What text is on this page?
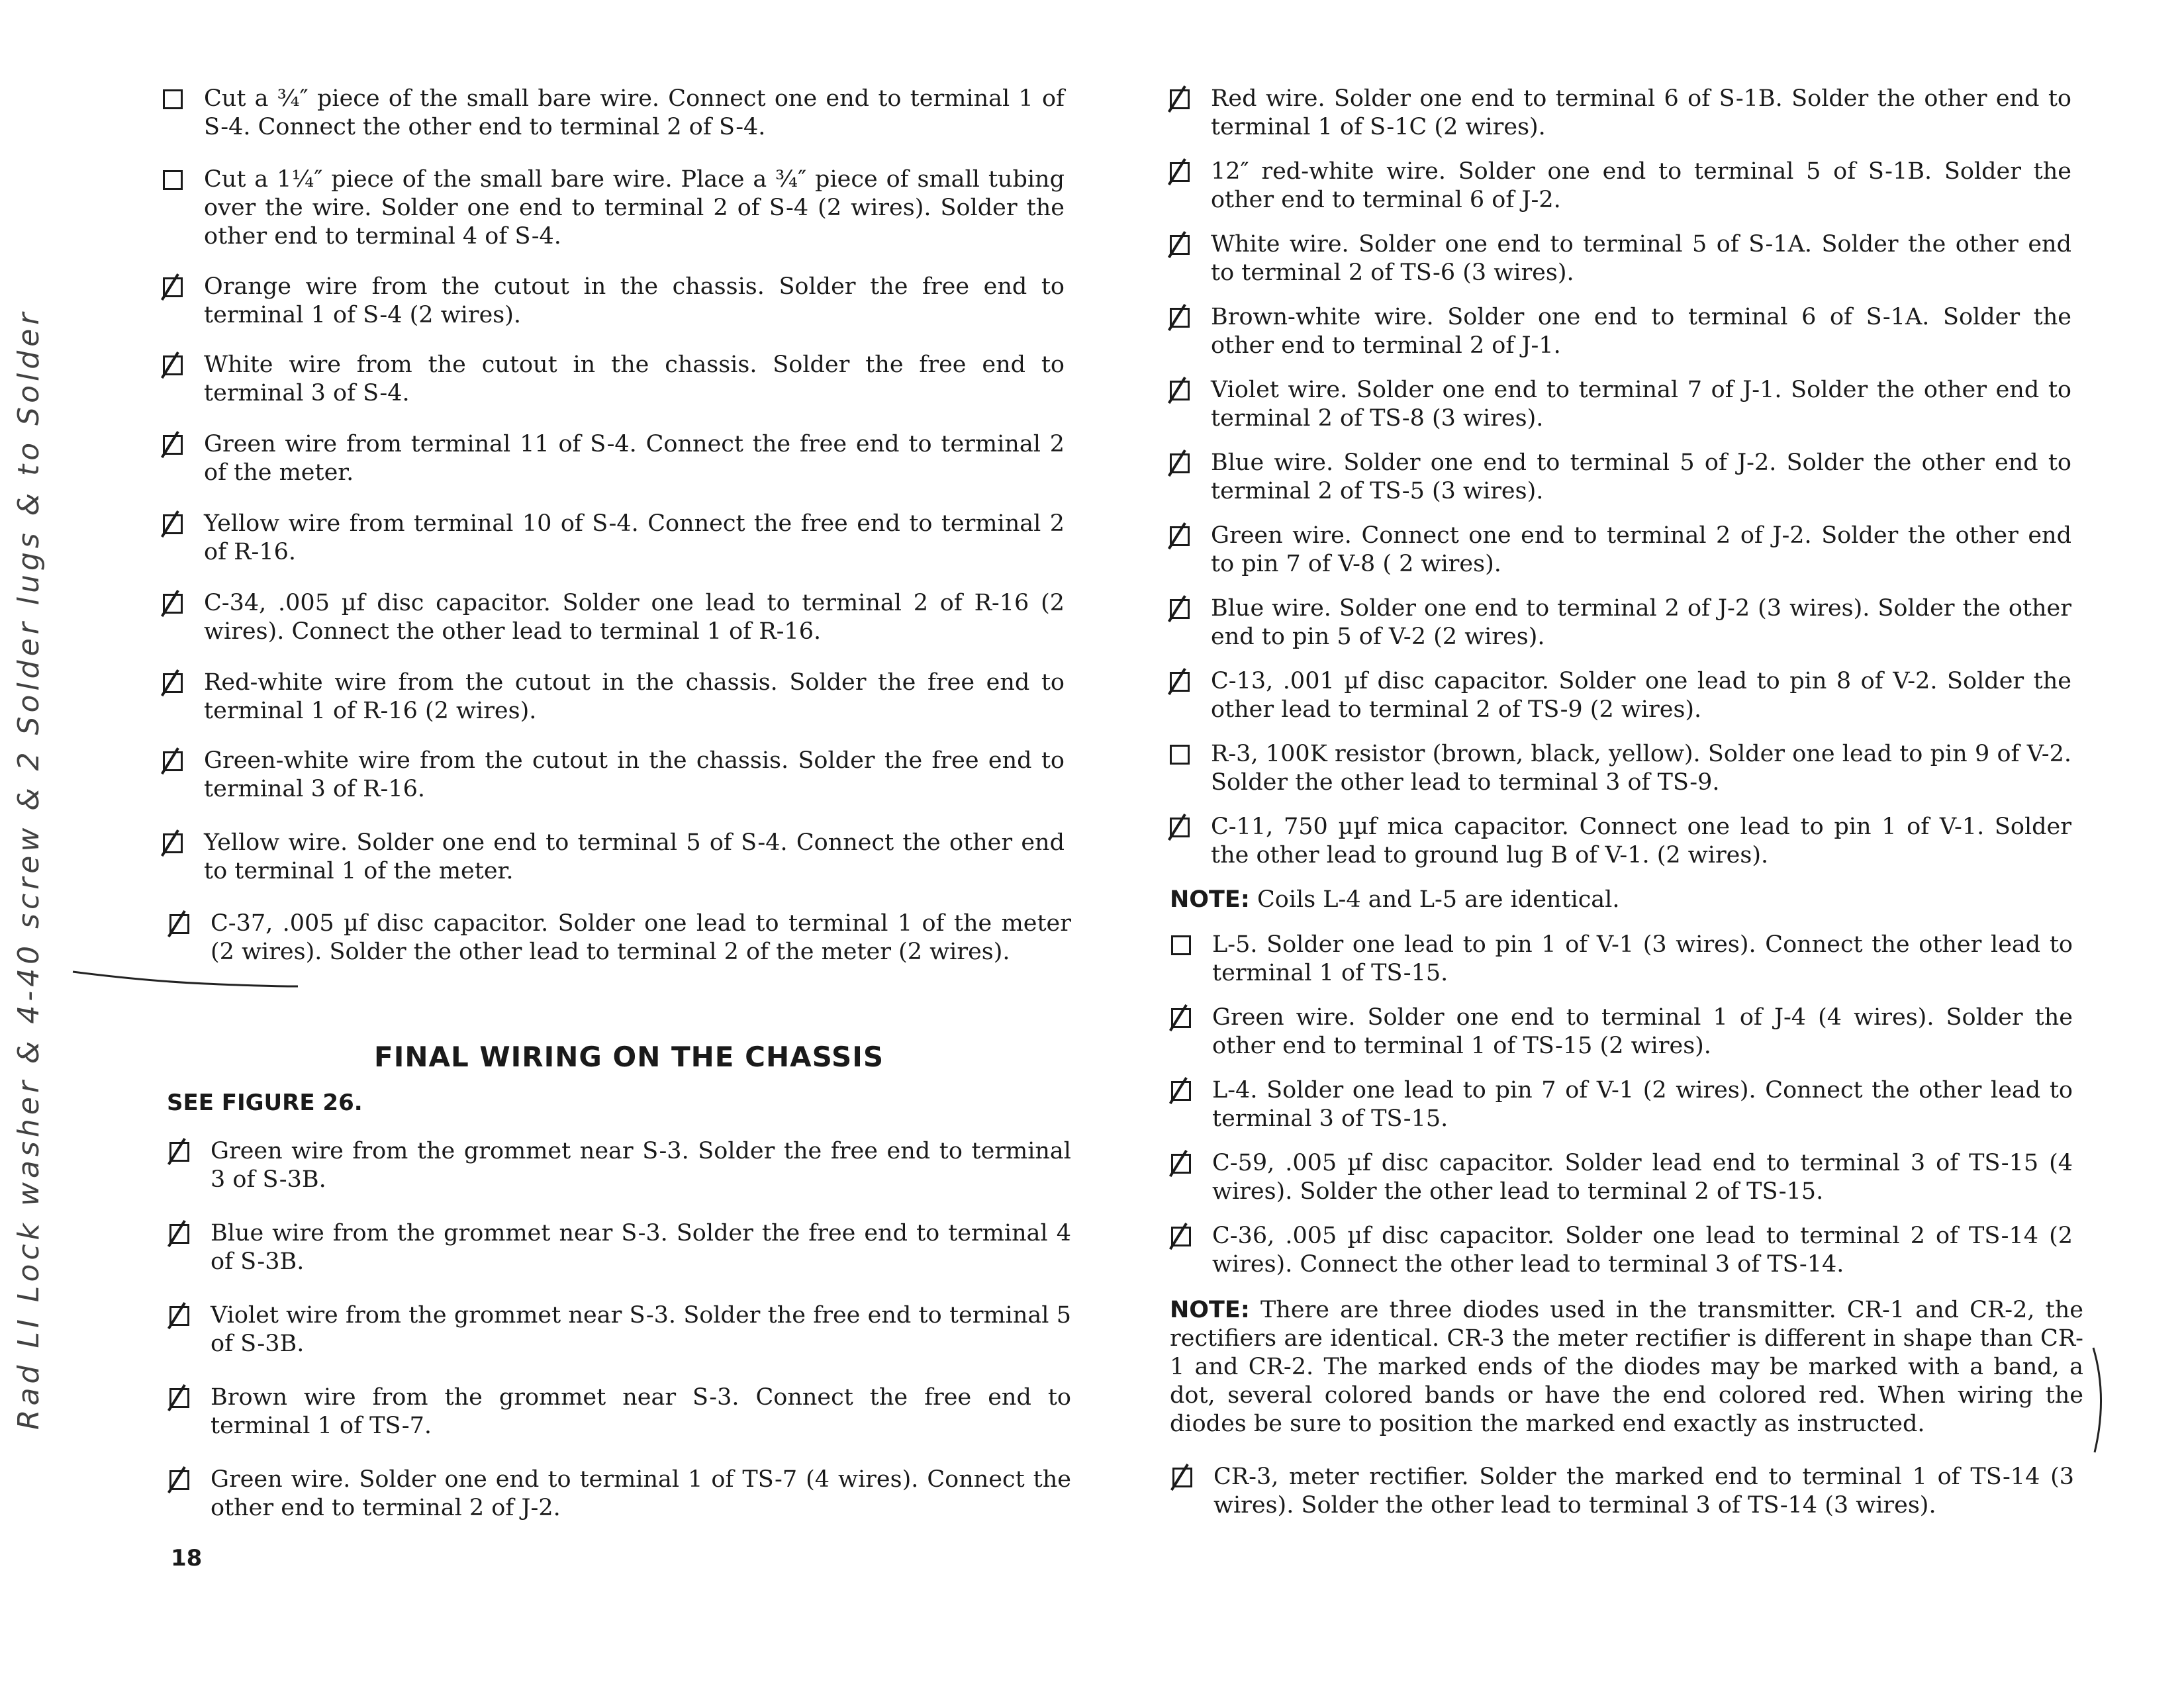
Rad LI Lock washer & 4-40 screw & 2 Solder lugs & to Solder
Cut a ¾″ piece of the small bare wire. Connect one end to terminal 1 of S-4. Connect the other end to terminal 2 of S-4.
Cut a 1¼″ piece of the small bare wire. Place a ¾″ piece of small tubing over the wire. Solder one end to terminal 2 of S-4 (2 wires). Solder the other end to terminal 4 of S-4.
Orange wire from the cutout in the chassis. Solder the free end to terminal 1 of S-4 (2 wires).
White wire from the cutout in the chassis. Solder the free end to terminal 3 of S-4.
Green wire from terminal 11 of S-4. Connect the free end to terminal 2 of the meter.
Yellow wire from terminal 10 of S-4. Connect the free end to terminal 2 of R-16.
C-34, .005 µf disc capacitor. Solder one lead to terminal 2 of R-16 (2 wires). Connect the other lead to terminal 1 of R-16.
Red-white wire from the cutout in the chassis. Solder the free end to terminal 1 of R-16 (2 wires).
Green-white wire from the cutout in the chassis. Solder the free end to terminal 3 of R-16.
Yellow wire. Solder one end to terminal 5 of S-4. Connect the other end to terminal 1 of the meter.
C-37, .005 µf disc capacitor. Solder one lead to terminal 1 of the meter (2 wires). Solder the other lead to terminal 2 of the meter (2 wires).
FINAL WIRING ON THE CHASSIS
SEE FIGURE 26.
Green wire from the grommet near S-3. Solder the free end to terminal 3 of S-3B.
Blue wire from the grommet near S-3. Solder the free end to terminal 4 of S-3B.
Violet wire from the grommet near S-3. Solder the free end to terminal 5 of S-3B.
Brown wire from the grommet near S-3. Connect the free end to terminal 1 of TS-7.
Green wire. Solder one end to terminal 1 of TS-7 (4 wires). Connect the other end to terminal 2 of J-2.
18
Red wire. Solder one end to terminal 6 of S-1B. Solder the other end to terminal 1 of S-1C (2 wires).
12″ red-white wire. Solder one end to terminal 5 of S-1B. Solder the other end to terminal 6 of J-2.
White wire. Solder one end to terminal 5 of S-1A. Solder the other end to terminal 2 of TS-6 (3 wires).
Brown-white wire. Solder one end to terminal 6 of S-1A. Solder the other end to terminal 2 of J-1.
Violet wire. Solder one end to terminal 7 of J-1. Solder the other end to terminal 2 of TS-8 (3 wires).
Blue wire. Solder one end to terminal 5 of J-2. Solder the other end to terminal 2 of TS-5 (3 wires).
Green wire. Connect one end to terminal 2 of J-2. Solder the other end to pin 7 of V-8 ( 2 wires).
Blue wire. Solder one end to terminal 2 of J-2 (3 wires). Solder the other end to pin 5 of V-2 (2 wires).
C-13, .001 µf disc capacitor. Solder one lead to pin 8 of V-2. Solder the other lead to terminal 2 of TS-9 (2 wires).
R-3, 100K resistor (brown, black, yellow). Solder one lead to pin 9 of V-2. Solder the other lead to terminal 3 of TS-9.
C-11, 750 µµf mica capacitor. Connect one lead to pin 1 of V-1. Solder the other lead to ground lug B of V-1. (2 wires).
NOTE: Coils L-4 and L-5 are identical.
L-5. Solder one lead to pin 1 of V-1 (3 wires). Connect the other lead to terminal 1 of TS-15.
Green wire. Solder one end to terminal 1 of J-4 (4 wires). Solder the other end to terminal 1 of TS-15 (2 wires).
L-4. Solder one lead to pin 7 of V-1 (2 wires). Connect the other lead to terminal 3 of TS-15.
C-59, .005 µf disc capacitor. Solder lead end to terminal 3 of TS-15 (4 wires). Solder the other lead to terminal 2 of TS-15.
C-36, .005 µf disc capacitor. Solder one lead to terminal 2 of TS-14 (2 wires). Connect the other lead to terminal 3 of TS-14.
NOTE: There are three diodes used in the transmitter. CR-1 and CR-2, the rectifiers are identical. CR-3 the meter rectifier is different in shape than CR-1 and CR-2. The marked ends of the diodes may be marked with a band, a dot, several colored bands or have the end colored red. When wiring the diodes be sure to position the marked end exactly as instructed.
CR-3, meter rectifier. Solder the marked end to terminal 1 of TS-14 (3 wires). Solder the other lead to terminal 3 of TS-14 (3 wires).
